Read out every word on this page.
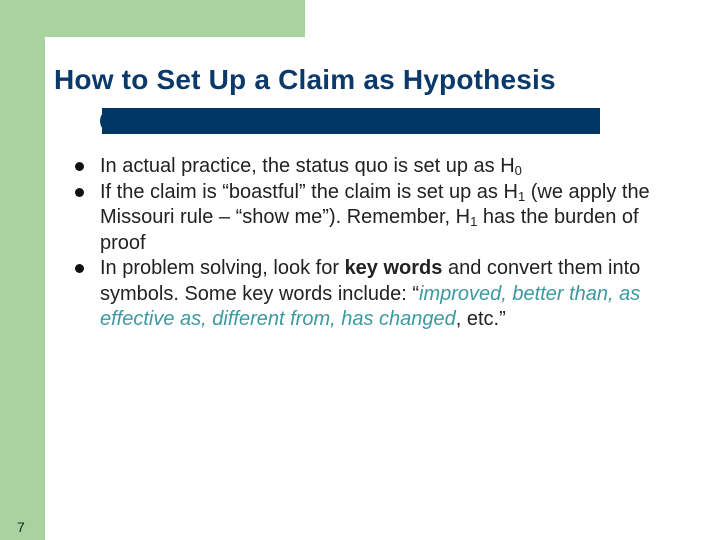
How to Set Up a Claim as Hypothesis
In actual practice, the status quo is set up as $H_0$
If the claim is “boastful” the claim is set up as $H_1$ (we apply the Missouri rule – “show me”). Remember, $H_1$ has the burden of proof
In problem solving, look for key words and convert them into symbols. Some key words include: “improved, better than, as effective as, different from, has changed, etc.”
7
